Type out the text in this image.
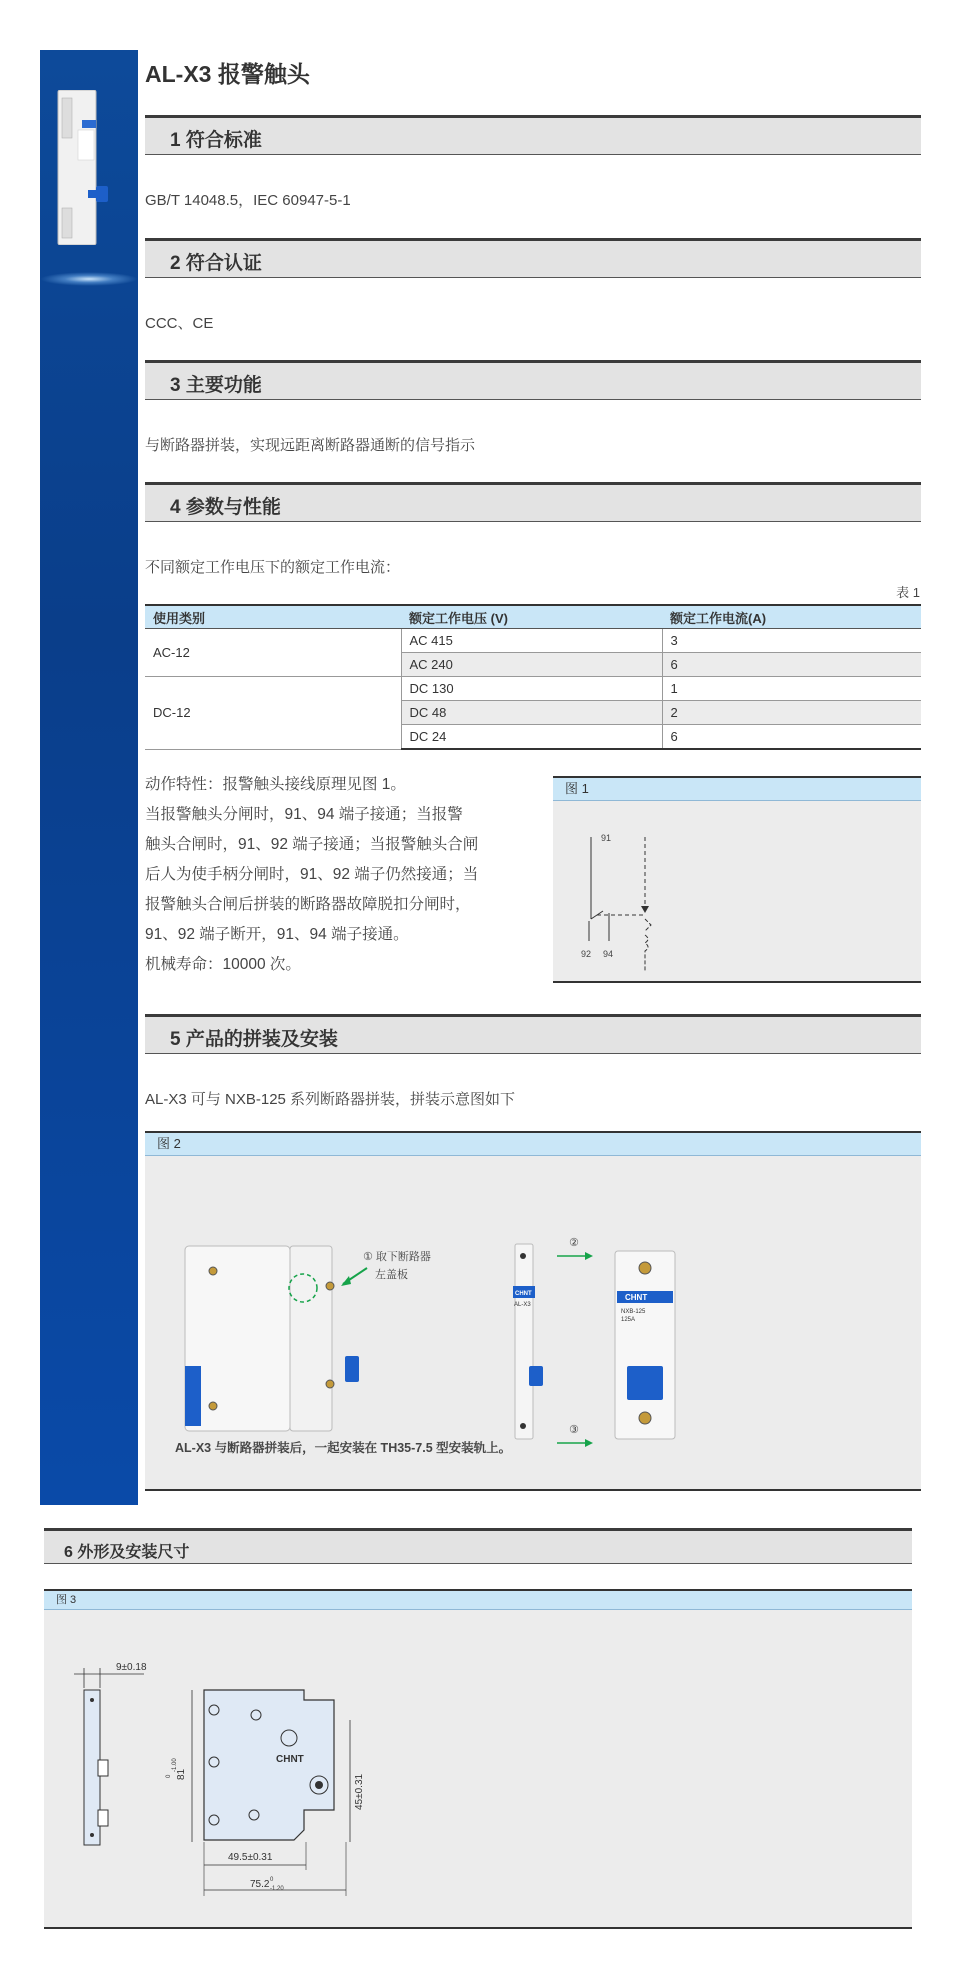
AL-X3 报警触头
1 符合标准
GB/T 14048.5，IEC 60947-5-1
2 符合认证
CCC、CE
3 主要功能
与断路器拼装，实现远距离断路器通断的信号指示
4 参数与性能
不同额定工作电压下的额定工作电流：
表 1
使用类别	额定工作电压 (V)	额定工作电流(A)
AC-12	AC 415	3
	AC 240	6
DC-12	DC 130	1
	DC 48	2
	DC 24	6
动作特性：报警触头接线原理见图 1。
当报警触头分闸时，91、94 端子接通；当报警
触头合闸时，91、92 端子接通；当报警触头合闸
后人为使手柄分闸时，91、92 端子仍然接通；当
报警触头合闸后拼装的断路器故障脱扣分闸时，
91、92 端子断开，91、94 端子接通。
机械寿命：10000 次。
图 1
91
92 94
5 产品的拼装及安装
AL-X3 可与 NXB-125 系列断路器拼装，拼装示意图如下
图 2
① 取下断路器
左盖板
CHNT
AL-X3
②
③
CHNT
NXB-125
125A
AL-X3 与断路器拼装后，一起安装在 TH35-7.5 型安装轨上。
6 外形及安装尺寸
图 3
9±0.18
CHNT
81
0
-1.00
45±0.31
49.5±0.31
75.2 0
-1.20
